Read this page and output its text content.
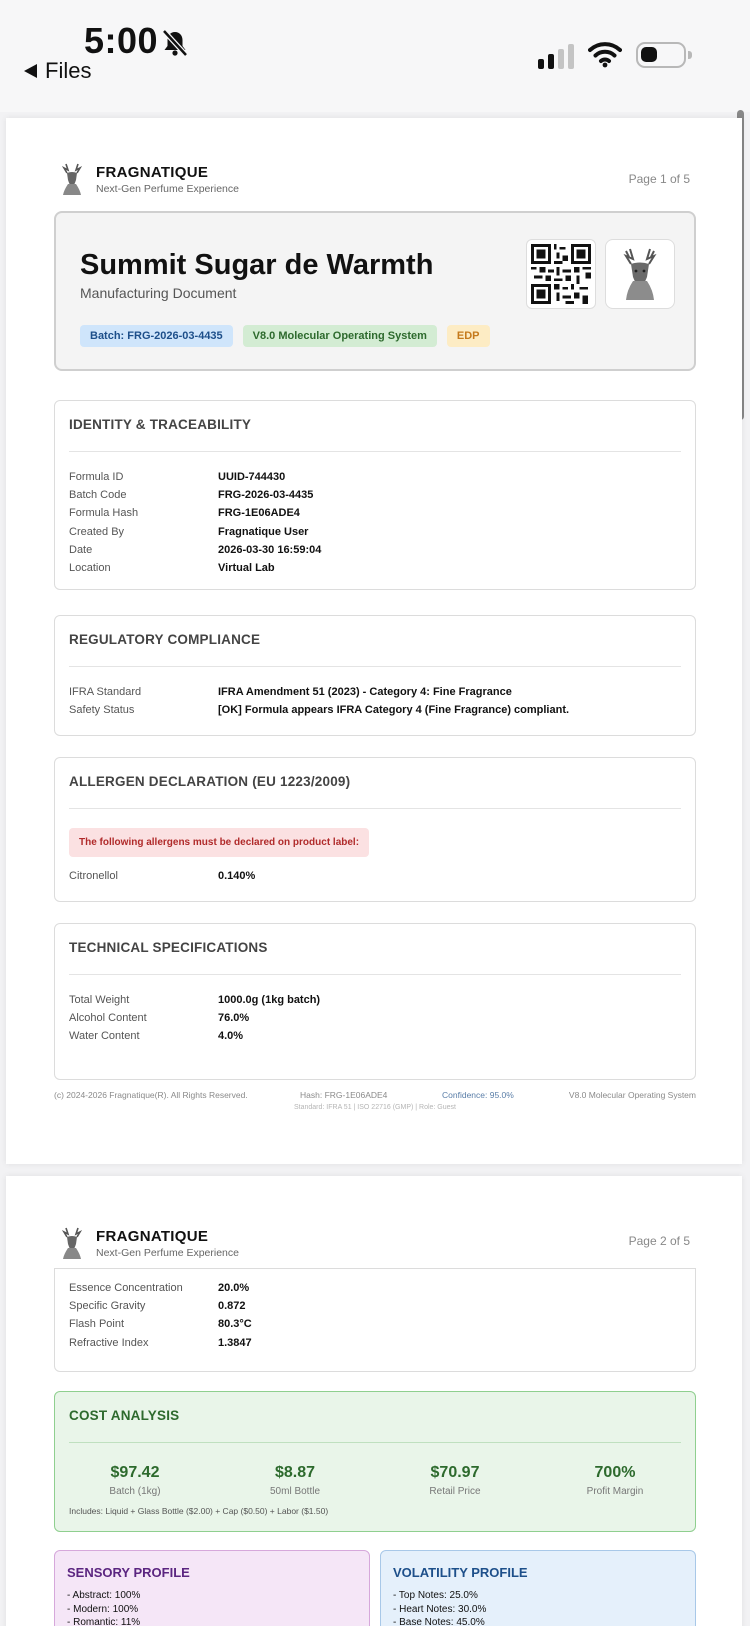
5:00
Files
FRAGNATIQUE
Next-Gen Perfume Experience
Page 1 of 5
Summit Sugar de Warmth
Manufacturing Document
Batch: FRG-2026-03-4435	V8.0 Molecular Operating System	EDP
IDENTITY & TRACEABILITY
Formula ID	UUID-744430
Batch Code	FRG-2026-03-4435
Formula Hash	FRG-1E06ADE4
Created By	Fragnatique User
Date	2026-03-30 16:59:04
Location	Virtual Lab
REGULATORY COMPLIANCE
IFRA Standard	IFRA Amendment 51 (2023) - Category 4: Fine Fragrance
Safety Status	[OK] Formula appears IFRA Category 4 (Fine Fragrance) compliant.
ALLERGEN DECLARATION (EU 1223/2009)
The following allergens must be declared on product label:
Citronellol	0.140%
TECHNICAL SPECIFICATIONS
Total Weight	1000.0g (1kg batch)
Alcohol Content	76.0%
Water Content	4.0%
(c) 2024-2026 Fragnatique(R). All Rights Reserved.	Hash: FRG-1E06ADE4	Confidence: 95.0%	V8.0 Molecular Operating System
Standard: IFRA 51 | ISO 22716 (GMP) | Role: Guest
FRAGNATIQUE
Next-Gen Perfume Experience
Page 2 of 5
Essence Concentration	20.0%
Specific Gravity	0.872
Flash Point	80.3°C
Refractive Index	1.3847
COST ANALYSIS
$97.42
Batch (1kg)
$8.87
50ml Bottle
$70.97
Retail Price
700%
Profit Margin
Includes: Liquid + Glass Bottle ($2.00) + Cap ($0.50) + Labor ($1.50)
SENSORY PROFILE
- Abstract: 100%
- Modern: 100%
- Romantic: 11%
VOLATILITY PROFILE
- Top Notes: 25.0%
- Heart Notes: 30.0%
- Base Notes: 45.0%
